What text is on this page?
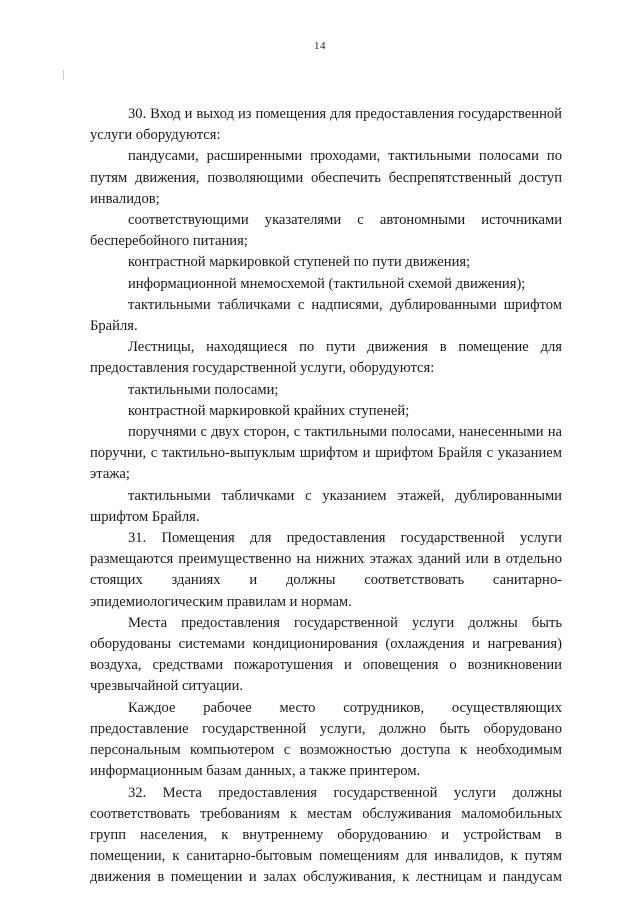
14

30. Вход и выход из помещения для предоставления государственной услуги оборудуются:

пандусами, расширенными проходами, тактильными полосами по путям движения, позволяющими обеспечить беспрепятственный доступ инвалидов;

соответствующими указателями с автономными источниками бесперебойного питания;

контрастной маркировкой ступеней по пути движения;

информационной мнемосхемой (тактильной схемой движения);

тактильными табличками с надписями, дублированными шрифтом Брайля.

Лестницы, находящиеся по пути движения в помещение для предоставления государственной услуги, оборудуются:

тактильными полосами;

контрастной маркировкой крайних ступеней;

поручнями с двух сторон, с тактильными полосами, нанесенными на поручни, с тактильно-выпуклым шрифтом и шрифтом Брайля с указанием этажа;

тактильными табличками с указанием этажей, дублированными шрифтом Брайля.

31. Помещения для предоставления государственной услуги размещаются преимущественно на нижних этажах зданий или в отдельно стоящих зданиях и должны соответствовать санитарно-эпидемиологическим правилам и нормам.

Места предоставления государственной услуги должны быть оборудованы системами кондиционирования (охлаждения и нагревания) воздуха, средствами пожаротушения и оповещения о возникновении чрезвычайной ситуации.

Каждое рабочее место сотрудников, осуществляющих предоставление государственной услуги, должно быть оборудовано персональным компьютером с возможностью доступа к необходимым информационным базам данных, а также принтером.

32. Места предоставления государственной услуги должны соответствовать требованиям к местам обслуживания маломобильных групп населения, к внутреннему оборудованию и устройствам в помещении, к санитарно-бытовым помещениям для инвалидов, к путям движения в помещении и залах обслуживания, к лестницам и пандусам
